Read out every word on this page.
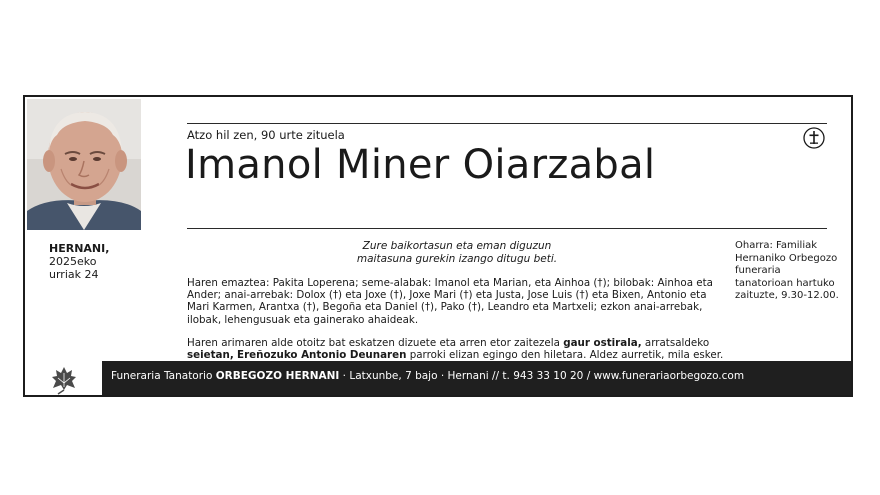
HERNANI,
2025eko
urriak 24
Atzo hil zen, 90 urte zituela
Imanol Miner Oiarzabal
Zure baikortasun eta eman diguzun
maitasuna gurekin izango ditugu beti.
Haren emaztea: Pakita Loperena; seme-alabak: Imanol eta Marian, eta Ainhoa (†); bilobak: Ainhoa eta Ander; anai-arrebak: Dolox (†) eta Joxe (†), Joxe Mari (†) eta Justa, Jose Luis (†) eta Bixen, Antonio eta Mari Karmen, Arantxa (†), Begoña eta Daniel (†), Pako (†), Leandro eta Martxeli; ezkon anai-arrebak, ilobak, lehengusuak eta gainerako ahaideak.
Haren arimaren alde otoitz bat eskatzen dizuete eta arren etor zaitezela gaur ostirala, arratsaldeko seietan, Ereñozuko Antonio Deunaren parroki elizan egingo den hiletara. Aldez aurretik, mila esker.
Oharra: Familiak Hernaniko Orbegozo funeraria tanatorioan hartuko zaituzte, 9.30-12.00.
Funeraria Tanatorio ORBEGOZO HERNANI · Latxunbe, 7 bajo · Hernani // t. 943 33 10 20 / www.funerariaorbegozo.com
